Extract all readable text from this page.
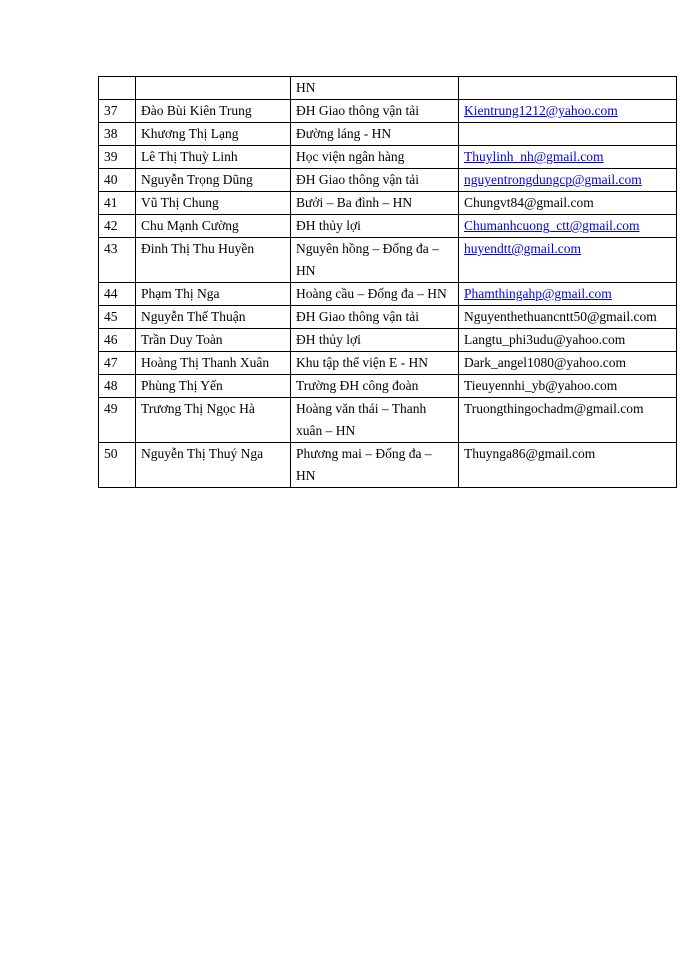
		HN	
37	Đào Bùi Kiên Trung	ĐH Giao thông vận tải	Kientrung1212@yahoo.com
38	Khương Thị Lạng	Đường láng - HN	
39	Lê Thị Thuỳ Linh	Học viện ngân hàng	Thuylinh_nh@gmail.com
40	Nguyễn Trọng Dũng	ĐH Giao thông vận tải	nguyentrongdungcp@gmail.com
41	Vũ Thị Chung	Bưởi – Ba đình – HN	Chungvt84@gmail.com
42	Chu Mạnh Cường	ĐH thủy lợi	Chumanhcuong_ctt@gmail.com
43	Đinh Thị Thu Huyền	Nguyên hồng – Đống đa – HN	huyendtt@gmail.com
44	Phạm Thị Nga	Hoàng cầu – Đống đa – HN	Phamthingahp@gmail.com
45	Nguyễn Thế Thuận	ĐH Giao thông vận tải	Nguyenthethuancntt50@gmail.com
46	Trần Duy Toàn	ĐH thủy lợi	Langtu_phi3udu@yahoo.com
47	Hoàng Thị Thanh Xuân	Khu tập thể viện E - HN	Dark_angel1080@yahoo.com
48	Phùng Thị Yến	Trường ĐH công đoàn	Tieuyennhi_yb@yahoo.com
49	Trương Thị Ngọc Hà	Hoàng văn thái – Thanh xuân – HN	Truongthingochadm@gmail.com
50	Nguyễn Thị Thuý Nga	Phương mai – Đống đa – HN	Thuynga86@gmail.com
